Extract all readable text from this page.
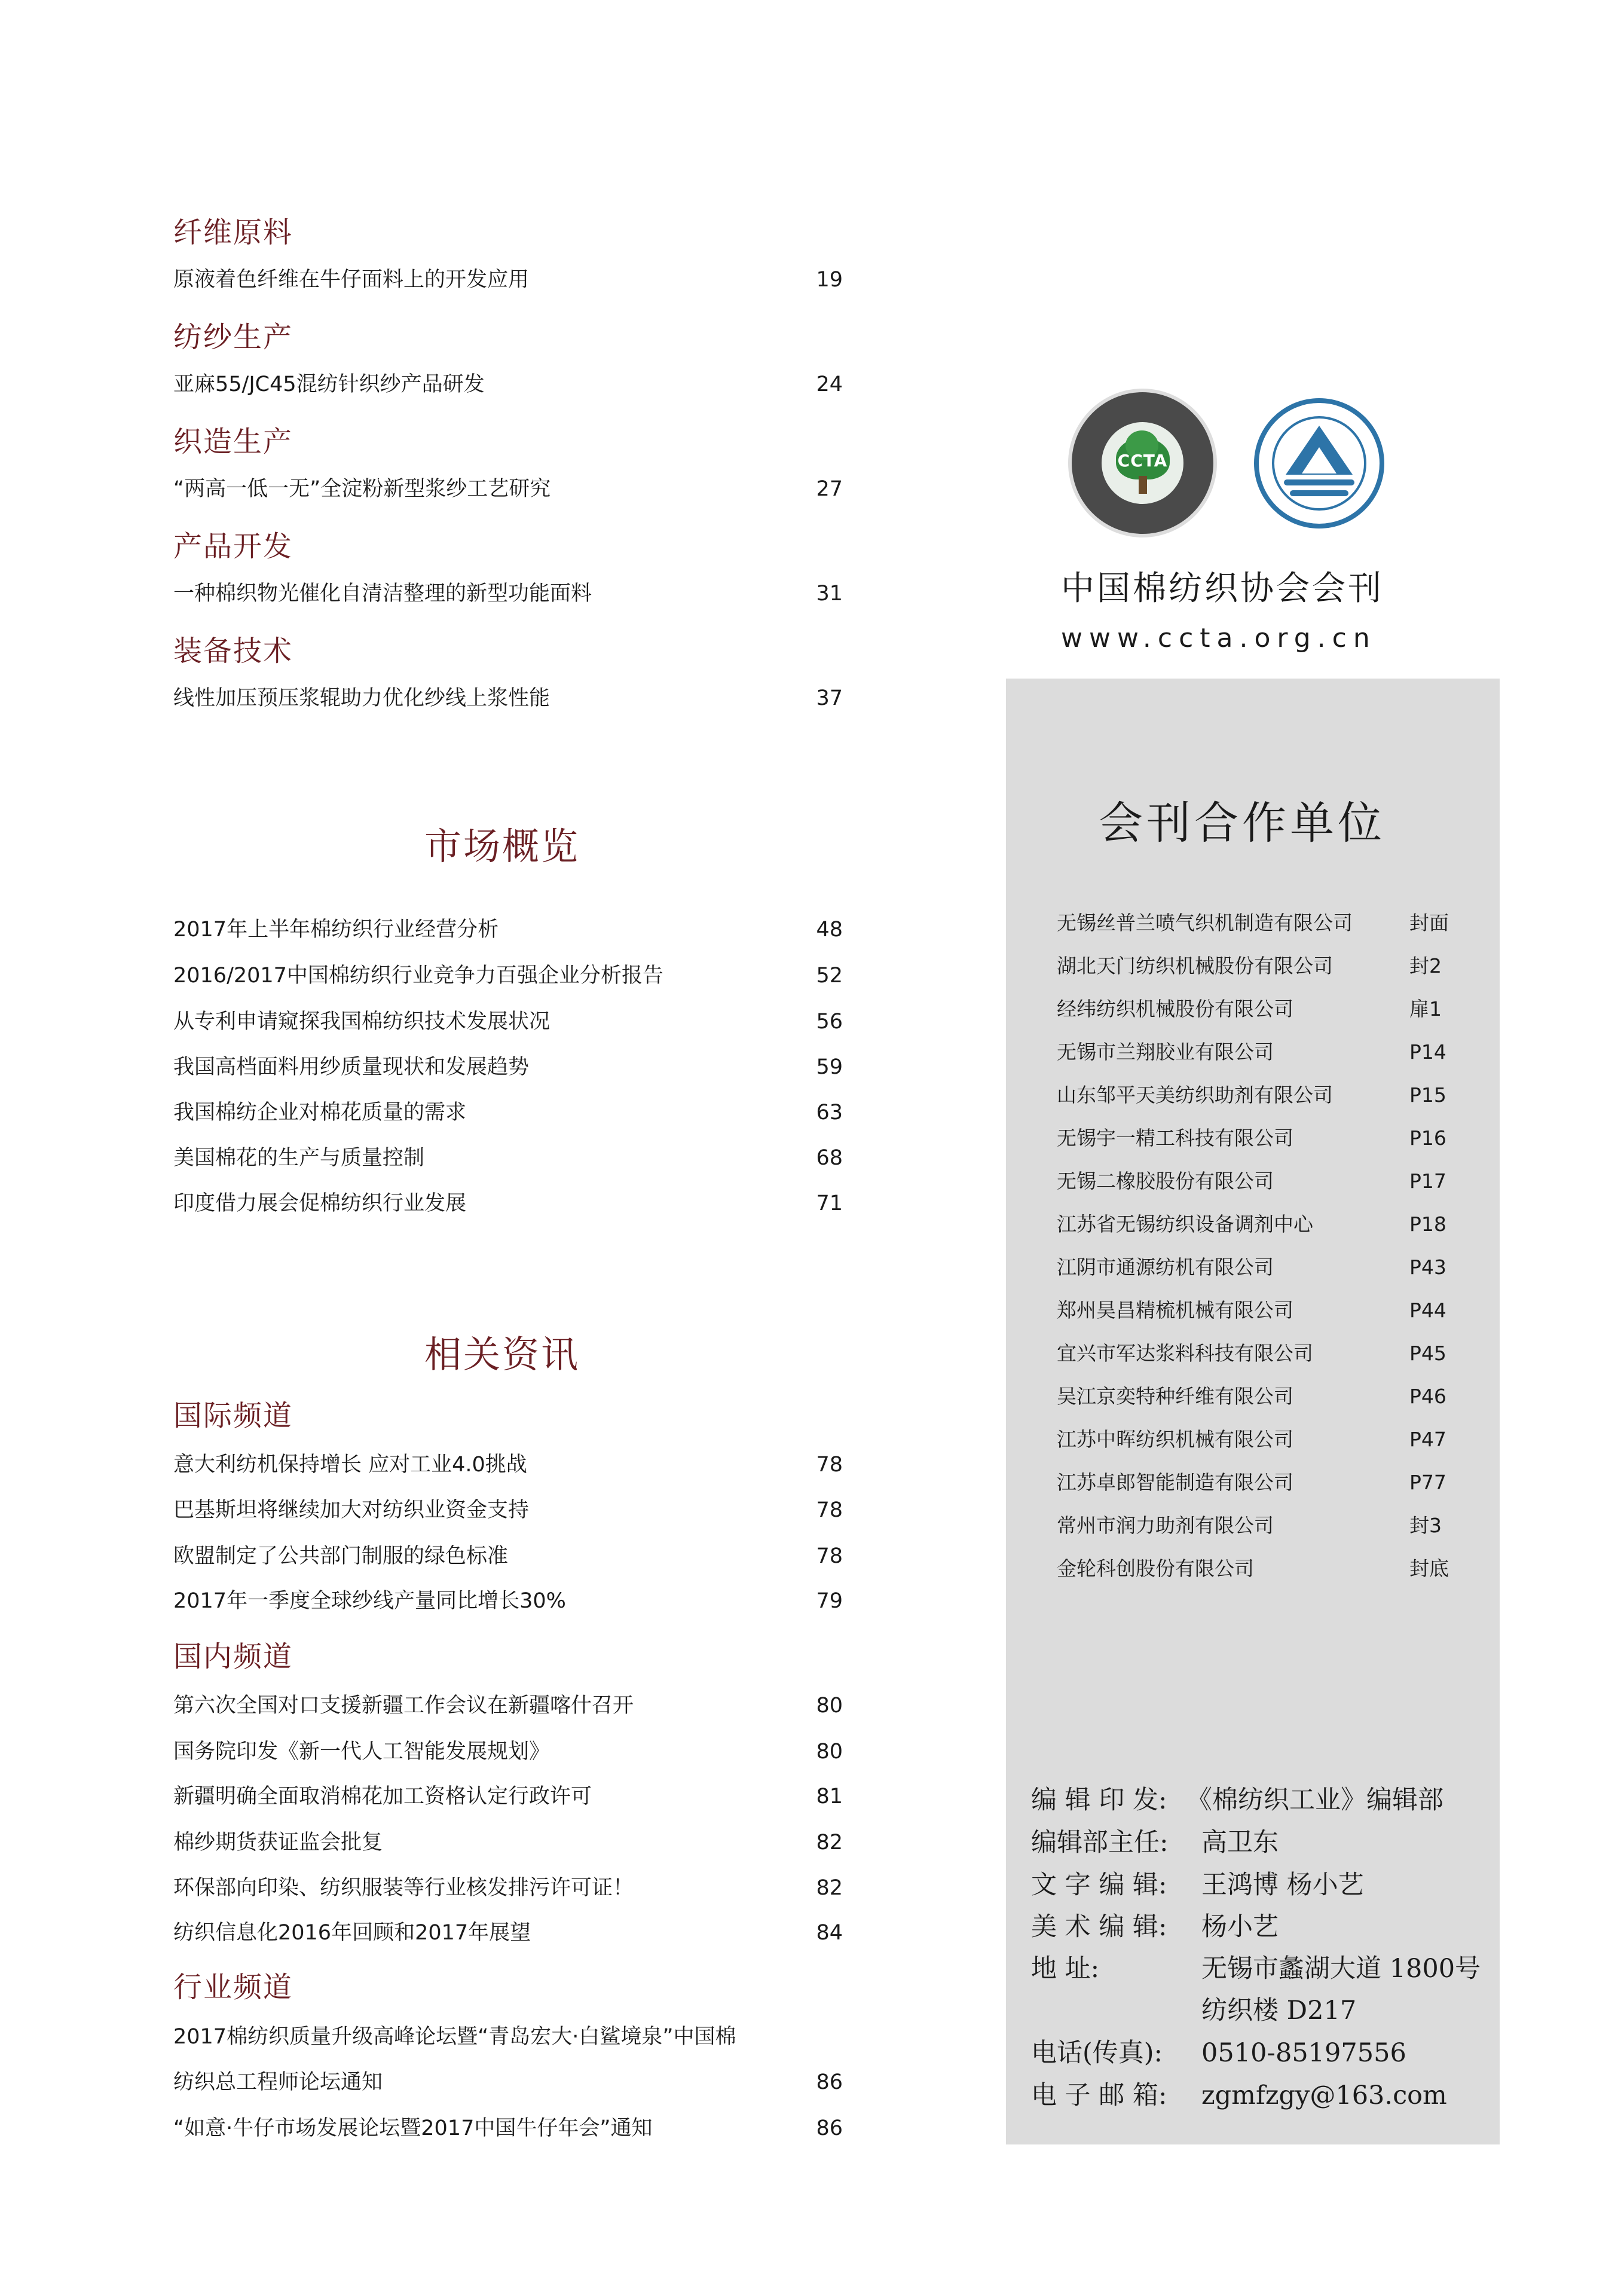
纤维原料
原液着色纤维在牛仔面料上的开发应用	19
纺纱生产
亚麻55/JC45混纺针织纱产品研发	24
织造生产
“两高一低一无”全淀粉新型浆纱工艺研究	27
产品开发
一种棉织物光催化自清洁整理的新型功能面料	31
装备技术
线性加压预压浆辊助力优化纱线上浆性能	37
市场概览
2017年上半年棉纺织行业经营分析	48
2016/2017中国棉纺织行业竞争力百强企业分析报告	52
从专利申请窥探我国棉纺织技术发展状况	56
我国高档面料用纱质量现状和发展趋势	59
我国棉纺企业对棉花质量的需求	63
美国棉花的生产与质量控制	68
印度借力展会促棉纺织行业发展	71
相关资讯
国际频道
意大利纺机保持增长 应对工业4.0挑战	78
巴基斯坦将继续加大对纺织业资金支持	78
欧盟制定了公共部门制服的绿色标准	78
2017年一季度全球纱线产量同比增长30%	79
国内频道
第六次全国对口支援新疆工作会议在新疆喀什召开	80
国务院印发《新一代人工智能发展规划》	80
新疆明确全面取消棉花加工资格认定行政许可	81
棉纱期货获证监会批复	82
环保部向印染、纺织服装等行业核发排污许可证！	82
纺织信息化2016年回顾和2017年展望	84
行业频道
2017棉纺织质量升级高峰论坛暨“青岛宏大·白鲨境泉”中国棉
纺织总工程师论坛通知	86
“如意·牛仔市场发展论坛暨2017中国牛仔年会”通知	86
CCTA
中国棉纺织协会会刊
www.ccta.org.cn
会刊合作单位
无锡丝普兰喷气织机制造有限公司	封面
湖北天门纺织机械股份有限公司	封2
经纬纺织机械股份有限公司	扉1
无锡市兰翔胶业有限公司	P14
山东邹平天美纺织助剂有限公司	P15
无锡宇一精工科技有限公司	P16
无锡二橡胶股份有限公司	P17
江苏省无锡纺织设备调剂中心	P18
江阴市通源纺机有限公司	P43
郑州昊昌精梳机械有限公司	P44
宜兴市军达浆料科技有限公司	P45
吴江京奕特种纤维有限公司	P46
江苏中晖纺织机械有限公司	P47
江苏卓郎智能制造有限公司	P77
常州市润力助剂有限公司	封3
金轮科创股份有限公司	封底
编 辑 印 发: 《棉纺织工业》编辑部
编辑部主任: 高卫东
文 字 编 辑: 王鸿博 杨小艺
美 术 编 辑: 杨小艺
地 址:	无锡市蠡湖大道 1800号
纺织楼 D217
电话(传真): 0510-85197556
电 子 邮 箱: zgmfzgy@163.com
